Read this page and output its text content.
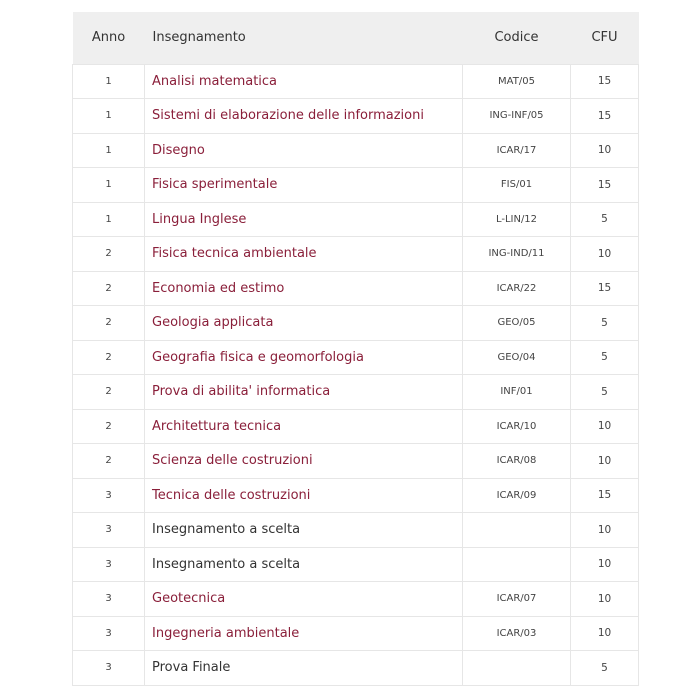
Anno	Insegnamento	Codice	CFU
1	Analisi matematica	MAT/05	15
1	Sistemi di elaborazione delle informazioni	ING-INF/05	15
1	Disegno	ICAR/17	10
1	Fisica sperimentale	FIS/01	15
1	Lingua Inglese	L-LIN/12	5
2	Fisica tecnica ambientale	ING-IND/11	10
2	Economia ed estimo	ICAR/22	15
2	Geologia applicata	GEO/05	5
2	Geografia fisica e geomorfologia	GEO/04	5
2	Prova di abilita' informatica	INF/01	5
2	Architettura tecnica	ICAR/10	10
2	Scienza delle costruzioni	ICAR/08	10
3	Tecnica delle costruzioni	ICAR/09	15
3	Insegnamento a scelta		10
3	Insegnamento a scelta		10
3	Geotecnica	ICAR/07	10
3	Ingegneria ambientale	ICAR/03	10
3	Prova Finale		5
